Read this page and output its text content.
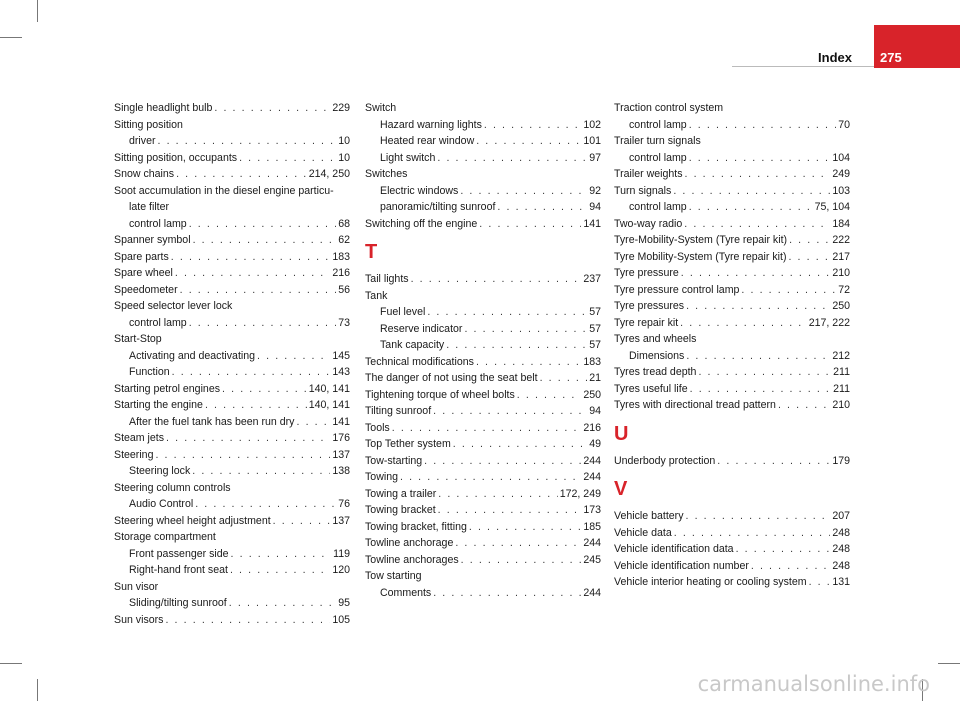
Index 275
Single headlight bulb . . .	229
Sitting position
driver . . .	10
Sitting position, occupants . . .	10
Snow chains . . .	214, 250
Soot accumulation in the diesel engine particu-
late filter
control lamp . . .	68
Spanner symbol . . .	62
Spare parts . . .	183
Spare wheel . . .	216
Speedometer . . .	56
Speed selector lever lock
control lamp . . .	73
Start-Stop
Activating and deactivating . . .	145
Function . . .	143
Starting petrol engines . . .	140, 141
Starting the engine . . .	140, 141
After the fuel tank has been run dry . . .	141
Steam jets . . .	176
Steering . . .	137
Steering lock . . .	138
Steering column controls
Audio Control . . .	76
Steering wheel height adjustment . . .	137
Storage compartment
Front passenger side . . .	119
Right-hand front seat . . .	120
Sun visor
Sliding/tilting sunroof . . .	95
Sun visors . . .	105
Switch
Hazard warning lights . . .	102
Heated rear window . . .	101
Light switch . . .	97
Switches
Electric windows . . .	92
panoramic/tilting sunroof . . .	94
Switching off the engine . . .	141
T
Tail lights . . .	237
Tank
Fuel level . . .	57
Reserve indicator . . .	57
Tank capacity . . .	57
Technical modifications . . .	183
The danger of not using the seat belt . . .	21
Tightening torque of wheel bolts . . .	250
Tilting sunroof . . .	94
Tools . . .	216
Top Tether system . . .	49
Tow-starting . . .	244
Towing . . .	244
Towing a trailer . . .	172, 249
Towing bracket . . .	173
Towing bracket, fitting . . .	185
Towline anchorage . . .	244
Towline anchorages . . .	245
Tow starting
Comments . . .	244
Traction control system
control lamp . . .	70
Trailer turn signals
control lamp . . .	104
Trailer weights . . .	249
Turn signals . . .	103
control lamp . . .	75, 104
Two-way radio . . .	184
Tyre-Mobility-System (Tyre repair kit) . . .	222
Tyre Mobility-System (Tyre repair kit) . . .	217
Tyre pressure . . .	210
Tyre pressure control lamp . . .	72
Tyre pressures . . .	250
Tyre repair kit . . .	217, 222
Tyres and wheels
Dimensions . . .	212
Tyres tread depth . . .	211
Tyres useful life . . .	211
Tyres with directional tread pattern . . .	210
U
Underbody protection . . .	179
V
Vehicle battery . . .	207
Vehicle data . . .	248
Vehicle identification data . . .	248
Vehicle identification number . . .	248
Vehicle interior heating or cooling system . . . 131
carmanualsonline.info
